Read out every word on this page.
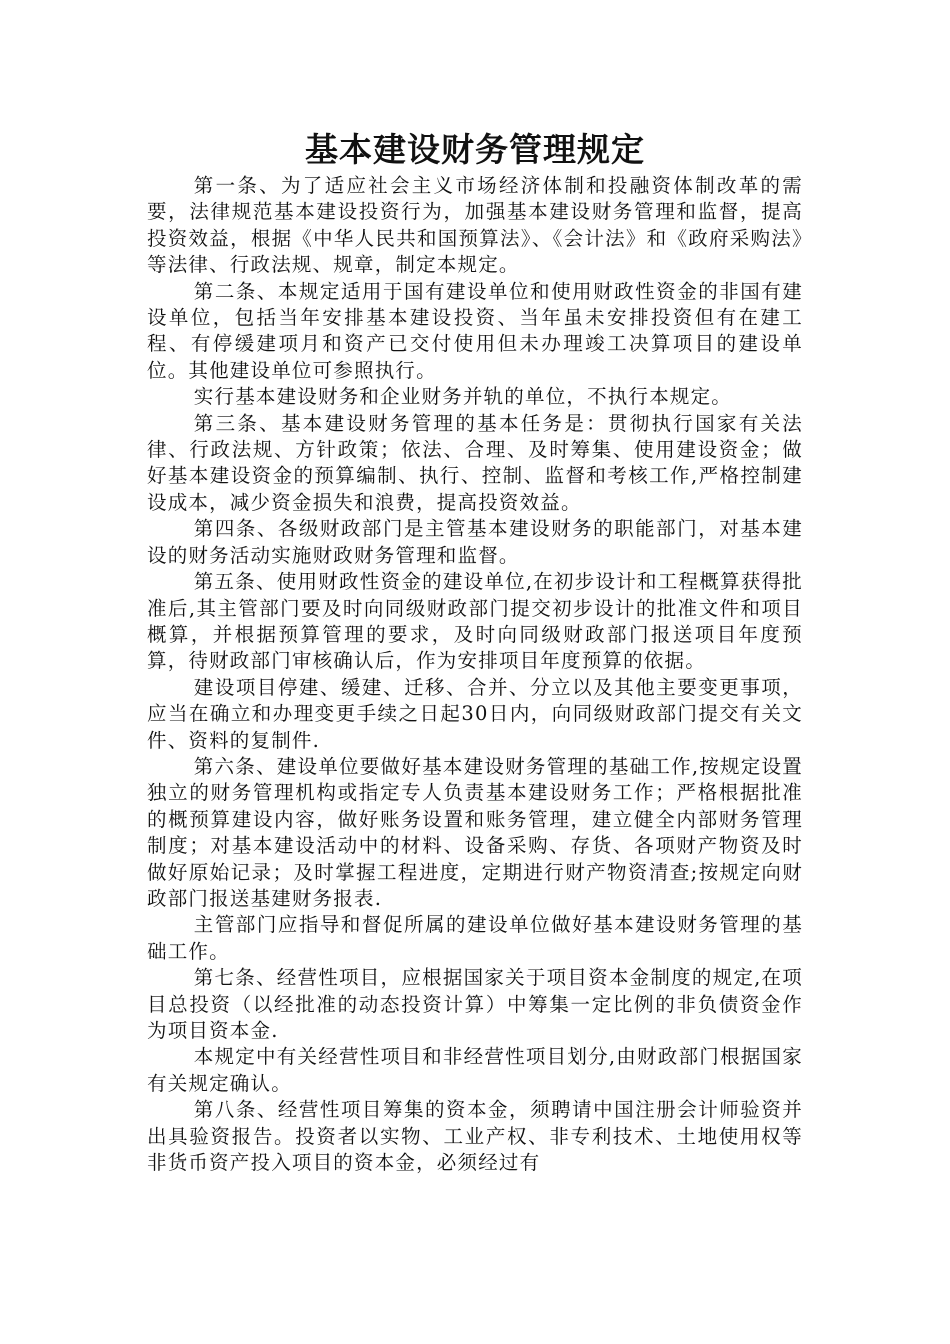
基本建设财务管理规定

第一条、为了适应社会主义市场经济体制和投融资体制改革的需要，法律规范基本建设投资行为，加强基本建设财务管理和监督，提高投资效益，根据《中华人民共和国预算法》、《会计法》和《政府采购法》等法律、行政法规、规章，制定本规定。

第二条、本规定适用于国有建设单位和使用财政性资金的非国有建设单位，包括当年安排基本建设投资、当年虽未安排投资但有在建工程、有停缓建项月和资产已交付使用但未办理竣工决算项目的建设单位。其他建设单位可参照执行。

实行基本建设财务和企业财务并轨的单位，不执行本规定。

第三条、基本建设财务管理的基本任务是：贯彻执行国家有关法律、行政法规、方针政策；依法、合理、及时筹集、使用建设资金；做好基本建设资金的预算编制、执行、控制、监督和考核工作,严格控制建设成本，减少资金损失和浪费，提高投资效益。

第四条、各级财政部门是主管基本建设财务的职能部门，对基本建设的财务活动实施财政财务管理和监督。

第五条、使用财政性资金的建设单位,在初步设计和工程概算获得批准后,其主管部门要及时向同级财政部门提交初步设计的批准文件和项目概算，并根据预算管理的要求，及时向同级财政部门报送项目年度预算，待财政部门审核确认后，作为安排项目年度预算的依据。

建设项目停建、缓建、迁移、合并、分立以及其他主要变更事项，应当在确立和办理变更手续之日起30日内，向同级财政部门提交有关文件、资料的复制件.

第六条、建设单位要做好基本建设财务管理的基础工作,按规定设置独立的财务管理机构或指定专人负责基本建设财务工作；严格根据批准的概预算建设内容，做好账务设置和账务管理，建立健全内部财务管理制度；对基本建设活动中的材料、设备采购、存货、各项财产物资及时做好原始记录；及时掌握工程进度，定期进行财产物资清查;按规定向财政部门报送基建财务报表.

主管部门应指导和督促所属的建设单位做好基本建设财务管理的基础工作。

第七条、经营性项目，应根据国家关于项目资本金制度的规定,在项目总投资（以经批准的动态投资计算）中筹集一定比例的非负债资金作为项目资本金.

本规定中有关经营性项目和非经营性项目划分,由财政部门根据国家有关规定确认。

第八条、经营性项目筹集的资本金，须聘请中国注册会计师验资并出具验资报告。投资者以实物、工业产权、非专利技术、土地使用权等非货币资产投入项目的资本金，必须经过有
